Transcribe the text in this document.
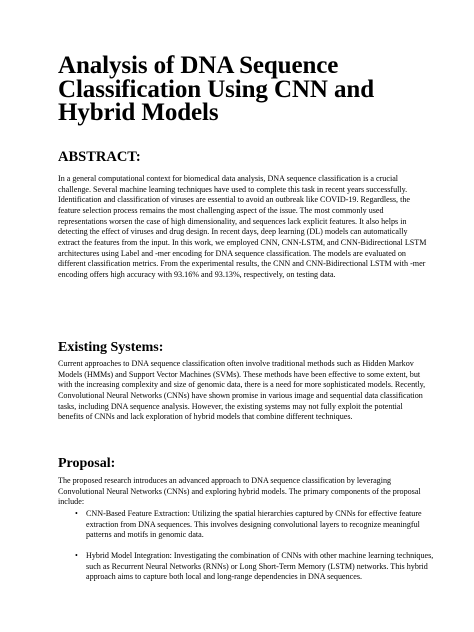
Analysis of DNA Sequence Classification Using CNN and Hybrid Models
ABSTRACT:

In a general computational context for biomedical data analysis, DNA sequence classification is a crucial challenge. Several machine learning techniques have used to complete this task in recent years successfully. Identification and classification of viruses are essential to avoid an outbreak like COVID-19. Regardless, the feature selection process remains the most challenging aspect of the issue. The most commonly used representations worsen the case of high dimensionality, and sequences lack explicit features. It also helps in detecting the effect of viruses and drug design. In recent days, deep learning (DL) models can automatically extract the features from the input. In this work, we employed CNN, CNN-LSTM, and CNN-Bidirectional LSTM architectures using Label and -mer encoding for DNA sequence classification. The models are evaluated on different classification metrics. From the experimental results, the CNN and CNN-Bidirectional LSTM with -mer encoding offers high accuracy with 93.16% and 93.13%, respectively, on testing data.

Existing Systems:

Current approaches to DNA sequence classification often involve traditional methods such as Hidden Markov Models (HMMs) and Support Vector Machines (SVMs). These methods have been effective to some extent, but with the increasing complexity and size of genomic data, there is a need for more sophisticated models. Recently, Convolutional Neural Networks (CNNs) have shown promise in various image and sequential data classification tasks, including DNA sequence analysis. However, the existing systems may not fully exploit the potential benefits of CNNs and lack exploration of hybrid models that combine different techniques.

Proposal:

The proposed research introduces an advanced approach to DNA sequence classification by leveraging Convolutional Neural Networks (CNNs) and exploring hybrid models. The primary components of the proposal include:

• CNN-Based Feature Extraction: Utilizing the spatial hierarchies captured by CNNs for effective feature extraction from DNA sequences. This involves designing convolutional layers to recognize meaningful patterns and motifs in genomic data.
• Hybrid Model Integration: Investigating the combination of CNNs with other machine learning techniques, such as Recurrent Neural Networks (RNNs) or Long Short-Term Memory (LSTM) networks. This hybrid approach aims to capture both local and long-range dependencies in DNA sequences.
